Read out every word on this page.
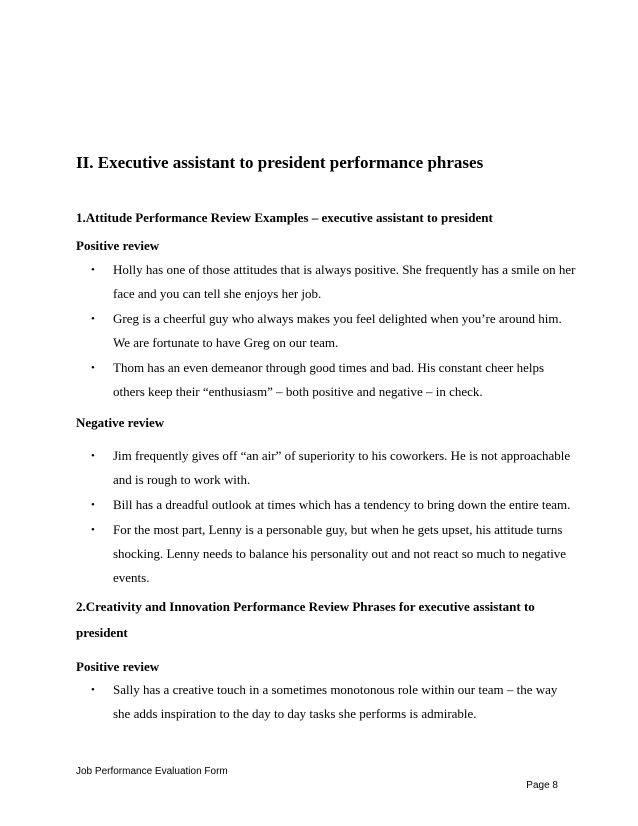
II. Executive assistant to president performance phrases
1.Attitude Performance Review Examples – executive assistant to president
Positive review
• Holly has one of those attitudes that is always positive. She frequently has a smile on her face and you can tell she enjoys her job.
• Greg is a cheerful guy who always makes you feel delighted when you’re around him. We are fortunate to have Greg on our team.
• Thom has an even demeanor through good times and bad. His constant cheer helps others keep their “enthusiasm” – both positive and negative – in check.
Negative review
• Jim frequently gives off “an air” of superiority to his coworkers. He is not approachable and is rough to work with.
• Bill has a dreadful outlook at times which has a tendency to bring down the entire team.
• For the most part, Lenny is a personable guy, but when he gets upset, his attitude turns shocking. Lenny needs to balance his personality out and not react so much to negative events.
2.Creativity and Innovation Performance Review Phrases for executive assistant to president
Positive review
• Sally has a creative touch in a sometimes monotonous role within our team – the way she adds inspiration to the day to day tasks she performs is admirable.
Job Performance Evaluation Form
Page 8
